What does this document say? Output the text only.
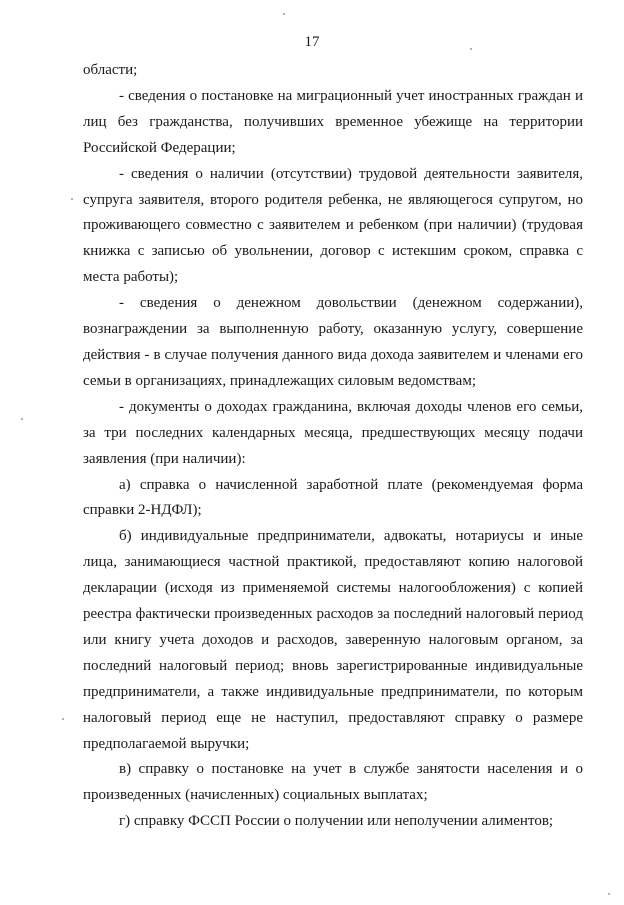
17

области;

- сведения о постановке на миграционный учет иностранных граждан и лиц без гражданства, получивших временное убежище на территории Российской Федерации;

- сведения о наличии (отсутствии) трудовой деятельности заявителя, супруга заявителя, второго родителя ребенка, не являющегося супругом, но проживающего совместно с заявителем и ребенком (при наличии) (трудовая книжка с записью об увольнении, договор с истекшим сроком, справка с места работы);

- сведения о денежном довольствии (денежном содержании), вознаграждении за выполненную работу, оказанную услугу, совершение действия - в случае получения данного вида дохода заявителем и членами его семьи в организациях, принадлежащих силовым ведомствам;

- документы о доходах гражданина, включая доходы членов его семьи, за три последних календарных месяца, предшествующих месяцу подачи заявления (при наличии):

а) справка о начисленной заработной плате (рекомендуемая форма справки 2-НДФЛ);

б) индивидуальные предприниматели, адвокаты, нотариусы и иные лица, занимающиеся частной практикой, предоставляют копию налоговой декларации (исходя из применяемой системы налогообложения) с копией реестра фактически произведенных расходов за последний налоговый период или книгу учета доходов и расходов, заверенную налоговым органом, за последний налоговый период; вновь зарегистрированные индивидуальные предприниматели, а также индивидуальные предприниматели, по которым налоговый период еще не наступил, предоставляют справку о размере предполагаемой выручки;

в) справку о постановке на учет в службе занятости населения и о произведенных (начисленных) социальных выплатах;

г) справку ФССП России о получении или неполучении алиментов;
